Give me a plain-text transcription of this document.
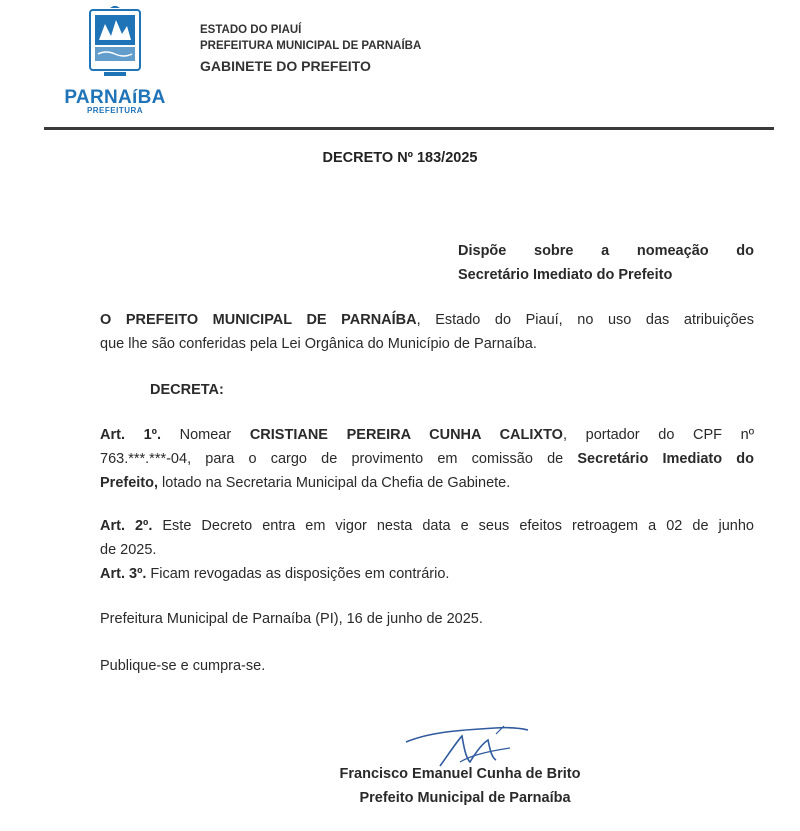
PARNAíBA
PREFEITURA
ESTADO DO PIAUÍ
PREFEITURA MUNICIPAL DE PARNAÍBA
GABINETE DO PREFEITO
DECRETO Nº 183/2025
Dispõe sobre a nomeação do
Secretário Imediato do Prefeito
O PREFEITO MUNICIPAL DE PARNAÍBA, Estado do Piauí, no uso das atribuições
que lhe são conferidas pela Lei Orgânica do Município de Parnaíba.
DECRETA:
Art. 1º. Nomear CRISTIANE PEREIRA CUNHA CALIXTO, portador do CPF nº
763.***.***-04, para o cargo de provimento em comissão de Secretário Imediato do
Prefeito, lotado na Secretaria Municipal da Chefia de Gabinete.
Art. 2º. Este Decreto entra em vigor nesta data e seus efeitos retroagem a 02 de junho
de 2025.
Art. 3º. Ficam revogadas as disposições em contrário.
Prefeitura Municipal de Parnaíba (PI), 16 de junho de 2025.
Publique-se e cumpra-se.
Francisco Emanuel Cunha de Brito
Prefeito Municipal de Parnaíba
